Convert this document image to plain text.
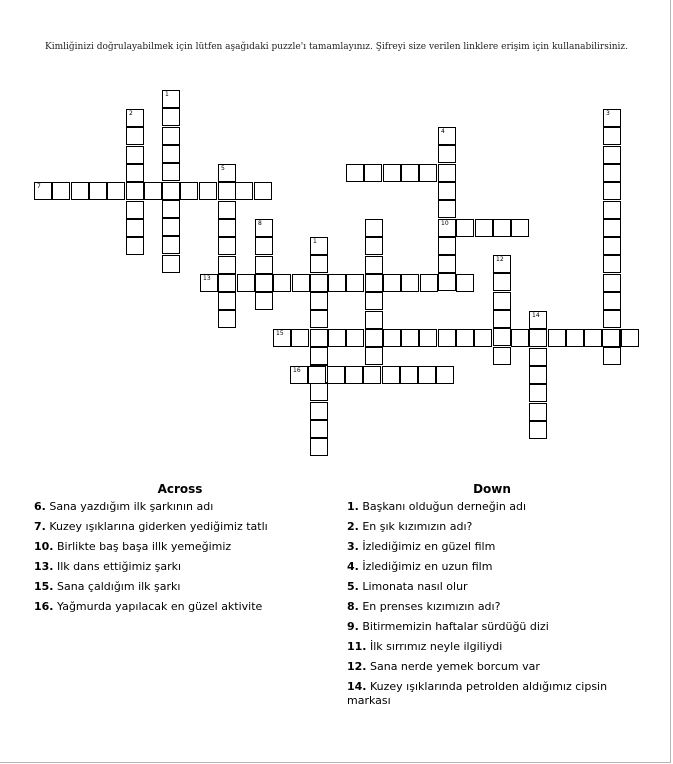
Kimliğinizi doğrulayabilmek için lütfen aşağıdaki puzzle'ı tamamlayınız. Şifreyi size verilen linklere erişim için kullanabilirsiniz.
1
2	3
4
10
5
7
8
1
12
13
14
15
16
Across	Down
6. Sana yazdığım ilk şarkının adı
7. Kuzey ışıklarına giderken yediğimiz tatlı
10. Birlikte baş başa illk yemeğimiz
13. Ilk dans ettiğimiz şarkı
15. Sana çaldığım ilk şarkı
16. Yağmurda yapılacak en güzel aktivite
1. Başkanı olduğun derneğin adı
2. En şık kızımızın adı?
3. İzlediğimiz en güzel film
4. İzlediğimiz en uzun film
5. Limonata nasıl olur
8. En prenses kızımızın adı?
9. Bitirmemizin haftalar sürdüğü dizi
11. İlk sırrımız neyle ilgiliydi
12. Sana nerde yemek borcum var
14. Kuzey ışıklarında petrolden aldığımız cipsin markası
